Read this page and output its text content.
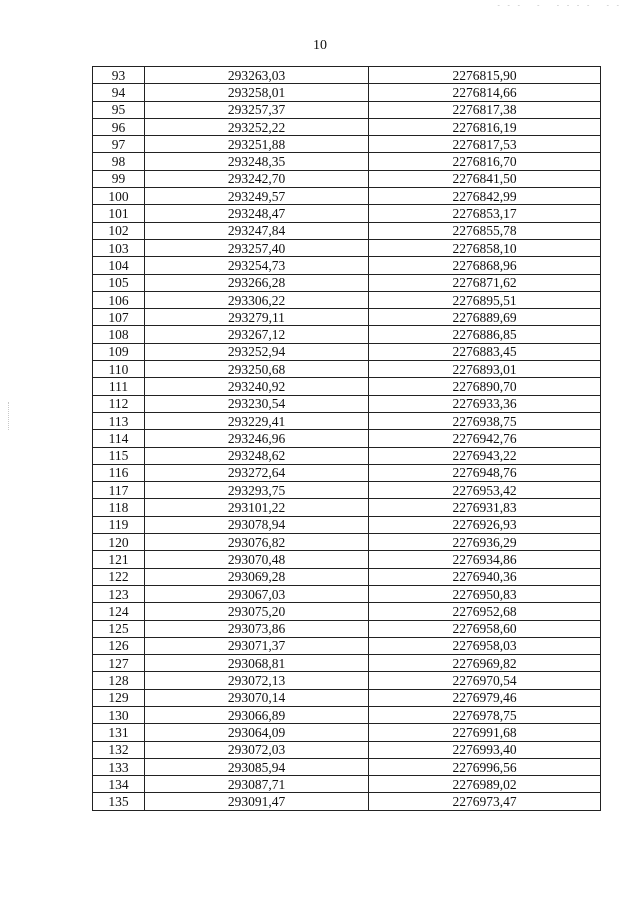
- - -   -   - - - -   - -
10
93	293263,03	2276815,90
94	293258,01	2276814,66
95	293257,37	2276817,38
96	293252,22	2276816,19
97	293251,88	2276817,53
98	293248,35	2276816,70
99	293242,70	2276841,50
100	293249,57	2276842,99
101	293248,47	2276853,17
102	293247,84	2276855,78
103	293257,40	2276858,10
104	293254,73	2276868,96
105	293266,28	2276871,62
106	293306,22	2276895,51
107	293279,11	2276889,69
108	293267,12	2276886,85
109	293252,94	2276883,45
110	293250,68	2276893,01
111	293240,92	2276890,70
112	293230,54	2276933,36
113	293229,41	2276938,75
114	293246,96	2276942,76
115	293248,62	2276943,22
116	293272,64	2276948,76
117	293293,75	2276953,42
118	293101,22	2276931,83
119	293078,94	2276926,93
120	293076,82	2276936,29
121	293070,48	2276934,86
122	293069,28	2276940,36
123	293067,03	2276950,83
124	293075,20	2276952,68
125	293073,86	2276958,60
126	293071,37	2276958,03
127	293068,81	2276969,82
128	293072,13	2276970,54
129	293070,14	2276979,46
130	293066,89	2276978,75
131	293064,09	2276991,68
132	293072,03	2276993,40
133	293085,94	2276996,56
134	293087,71	2276989,02
135	293091,47	2276973,47
